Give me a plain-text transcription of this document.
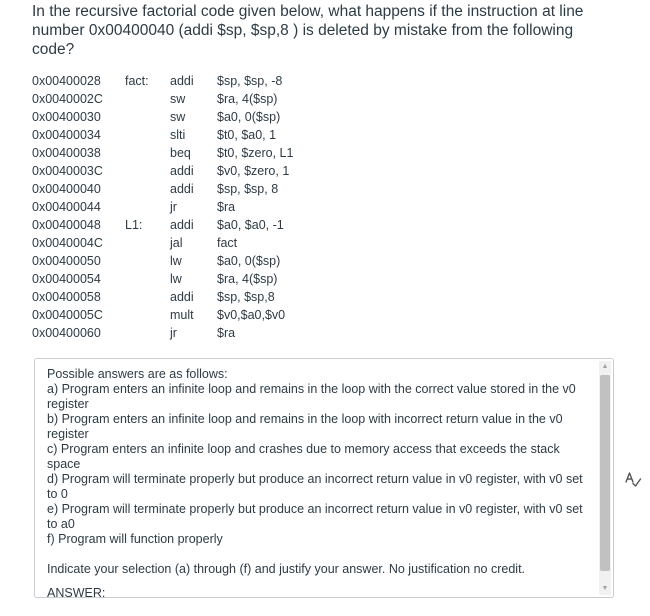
In the recursive factorial code given below, what happens if the instruction at line number 0x00400040 (addi $sp, $sp,8 ) is deleted by mistake from the following code?

0x00400028 fact: addi $sp, $sp, -8
0x0040002C	sw	$ra, 4($sp)
0x00400030	sw	$a0, 0($sp)
0x00400034	slti	$t0, $a0, 1
0x00400038	beq $t0, $zero, L1
0x0040003C	addi $v0, $zero, 1
0x00400040	addi $sp, $sp, 8
0x00400044	jr	$ra
0x00400048 L1: addi $a0, $a0, -1
0x0040004C	jal	fact
0x00400050	lw	$a0, 0($sp)
0x00400054	lw	$ra, 4($sp)
0x00400058	addi $sp, $sp,8
0x0040005C	mult $v0,$a0,$v0
0x00400060	jr	$ra

Possible answers are as follows:

a) Program enters an infinite loop and remains in the loop with the correct value stored in the v0 register

b) Program enters an infinite loop and remains in the loop with incorrect return value in the v0 register

c) Program enters an infinite loop and crashes due to memory access that exceeds the stack space

d) Program will terminate properly but produce an incorrect return value in v0 register, with v0 set to 0

e) Program will terminate properly but produce an incorrect return value in v0 register, with v0 set to a0

f) Program will function properly

Indicate your selection (a) through (f) and justify your answer. No justification no credit.

ANSWER:
▲
▼
